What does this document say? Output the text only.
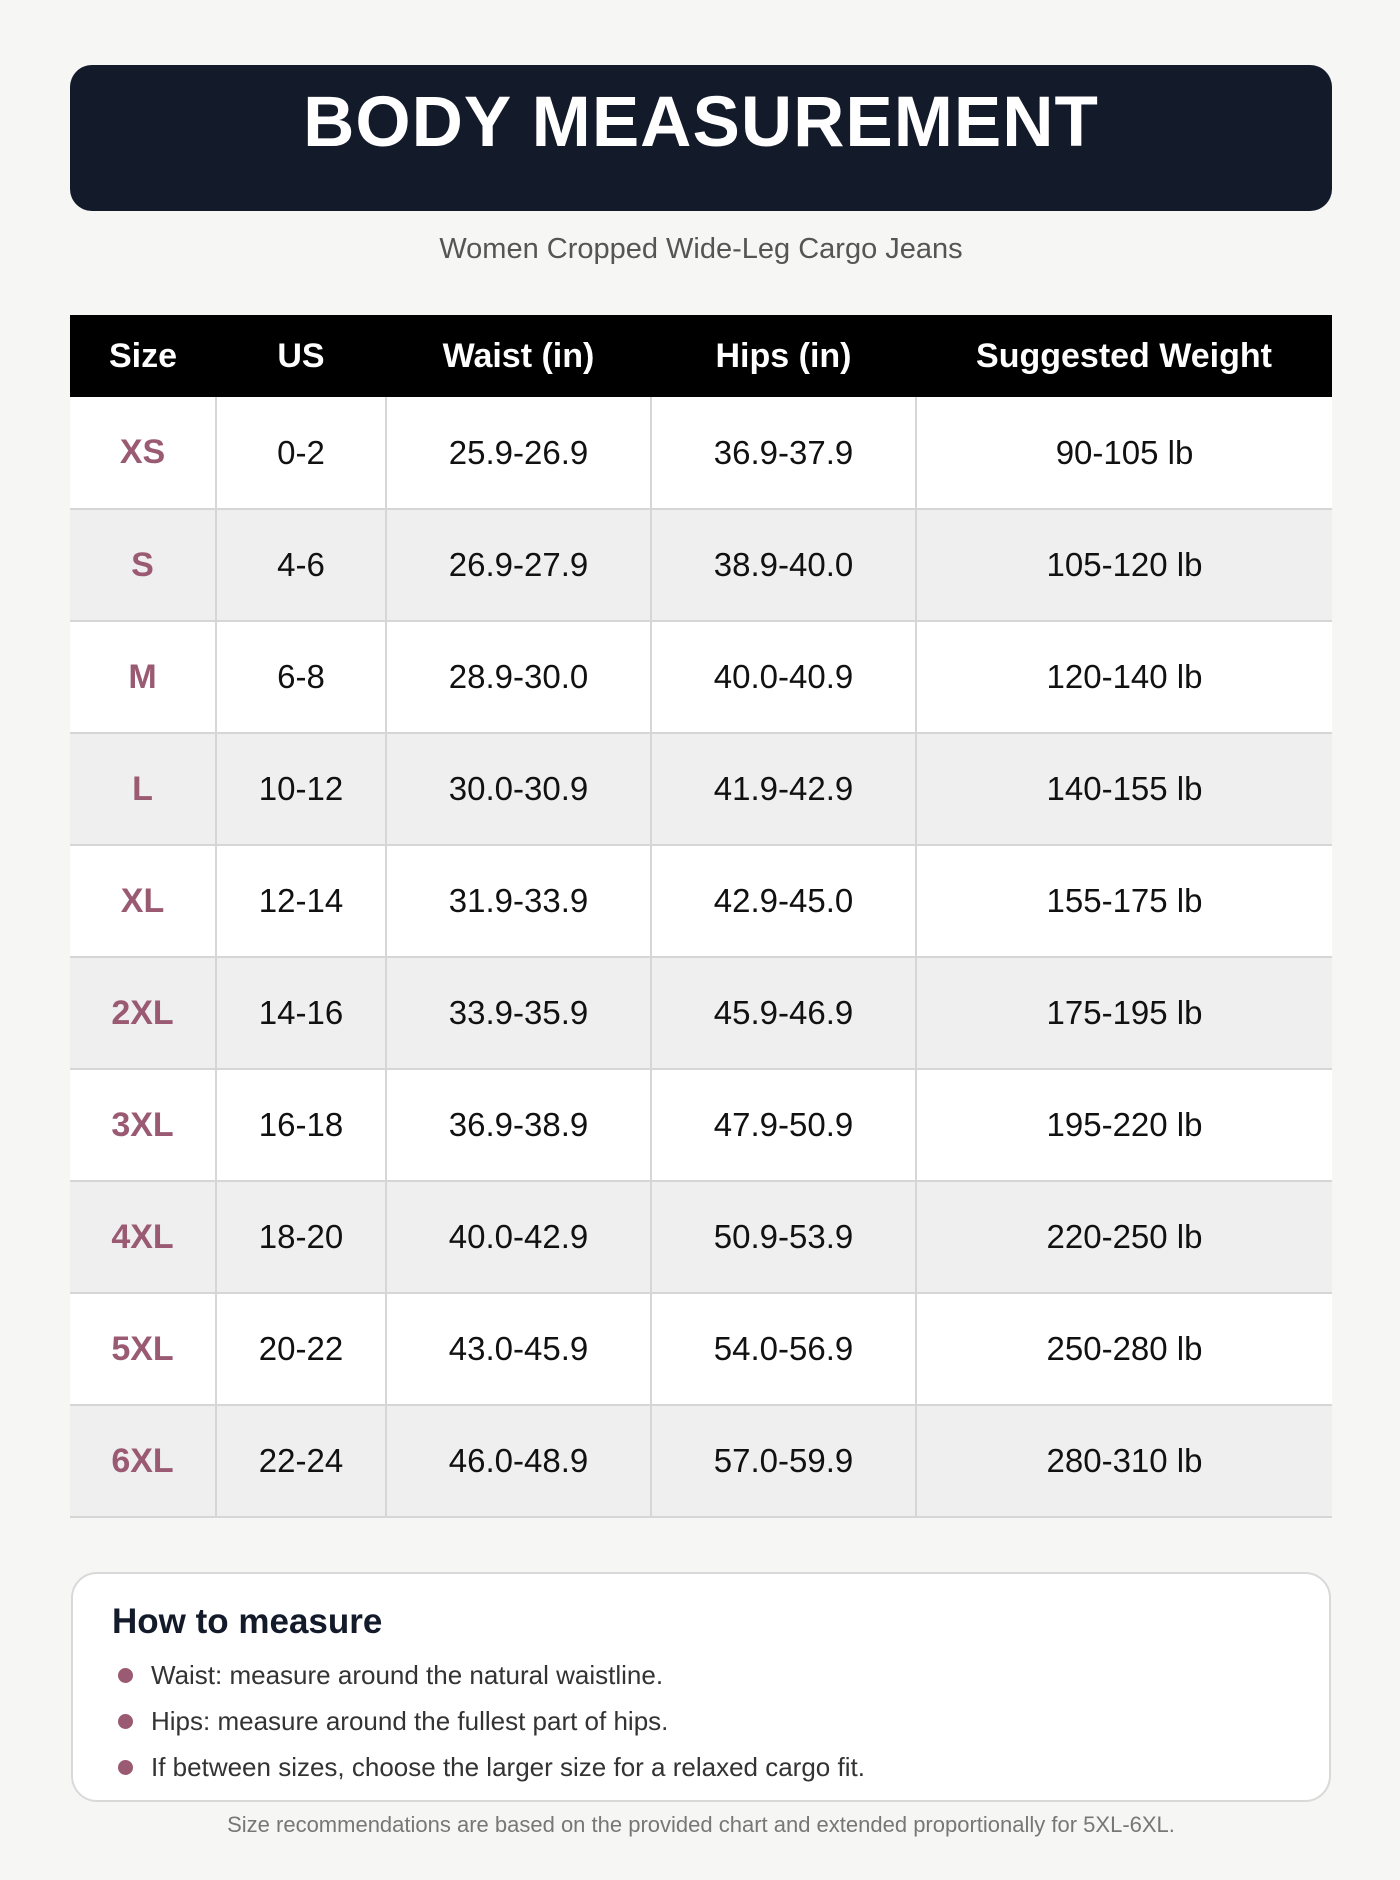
BODY MEASUREMENT
Women Cropped Wide-Leg Cargo Jeans
Size	US	Waist (in)	Hips (in)	Suggested Weight
XS	0-2	25.9-26.9	36.9-37.9	90-105 lb
S	4-6	26.9-27.9	38.9-40.0	105-120 lb
M	6-8	28.9-30.0	40.0-40.9	120-140 lb
L	10-12	30.0-30.9	41.9-42.9	140-155 lb
XL	12-14	31.9-33.9	42.9-45.0	155-175 lb
2XL	14-16	33.9-35.9	45.9-46.9	175-195 lb
3XL	16-18	36.9-38.9	47.9-50.9	195-220 lb
4XL	18-20	40.0-42.9	50.9-53.9	220-250 lb
5XL	20-22	43.0-45.9	54.0-56.9	250-280 lb
6XL	22-24	46.0-48.9	57.0-59.9	280-310 lb
How to measure
Waist: measure around the natural waistline.
Hips: measure around the fullest part of hips.
If between sizes, choose the larger size for a relaxed cargo fit.
Size recommendations are based on the provided chart and extended proportionally for 5XL-6XL.
